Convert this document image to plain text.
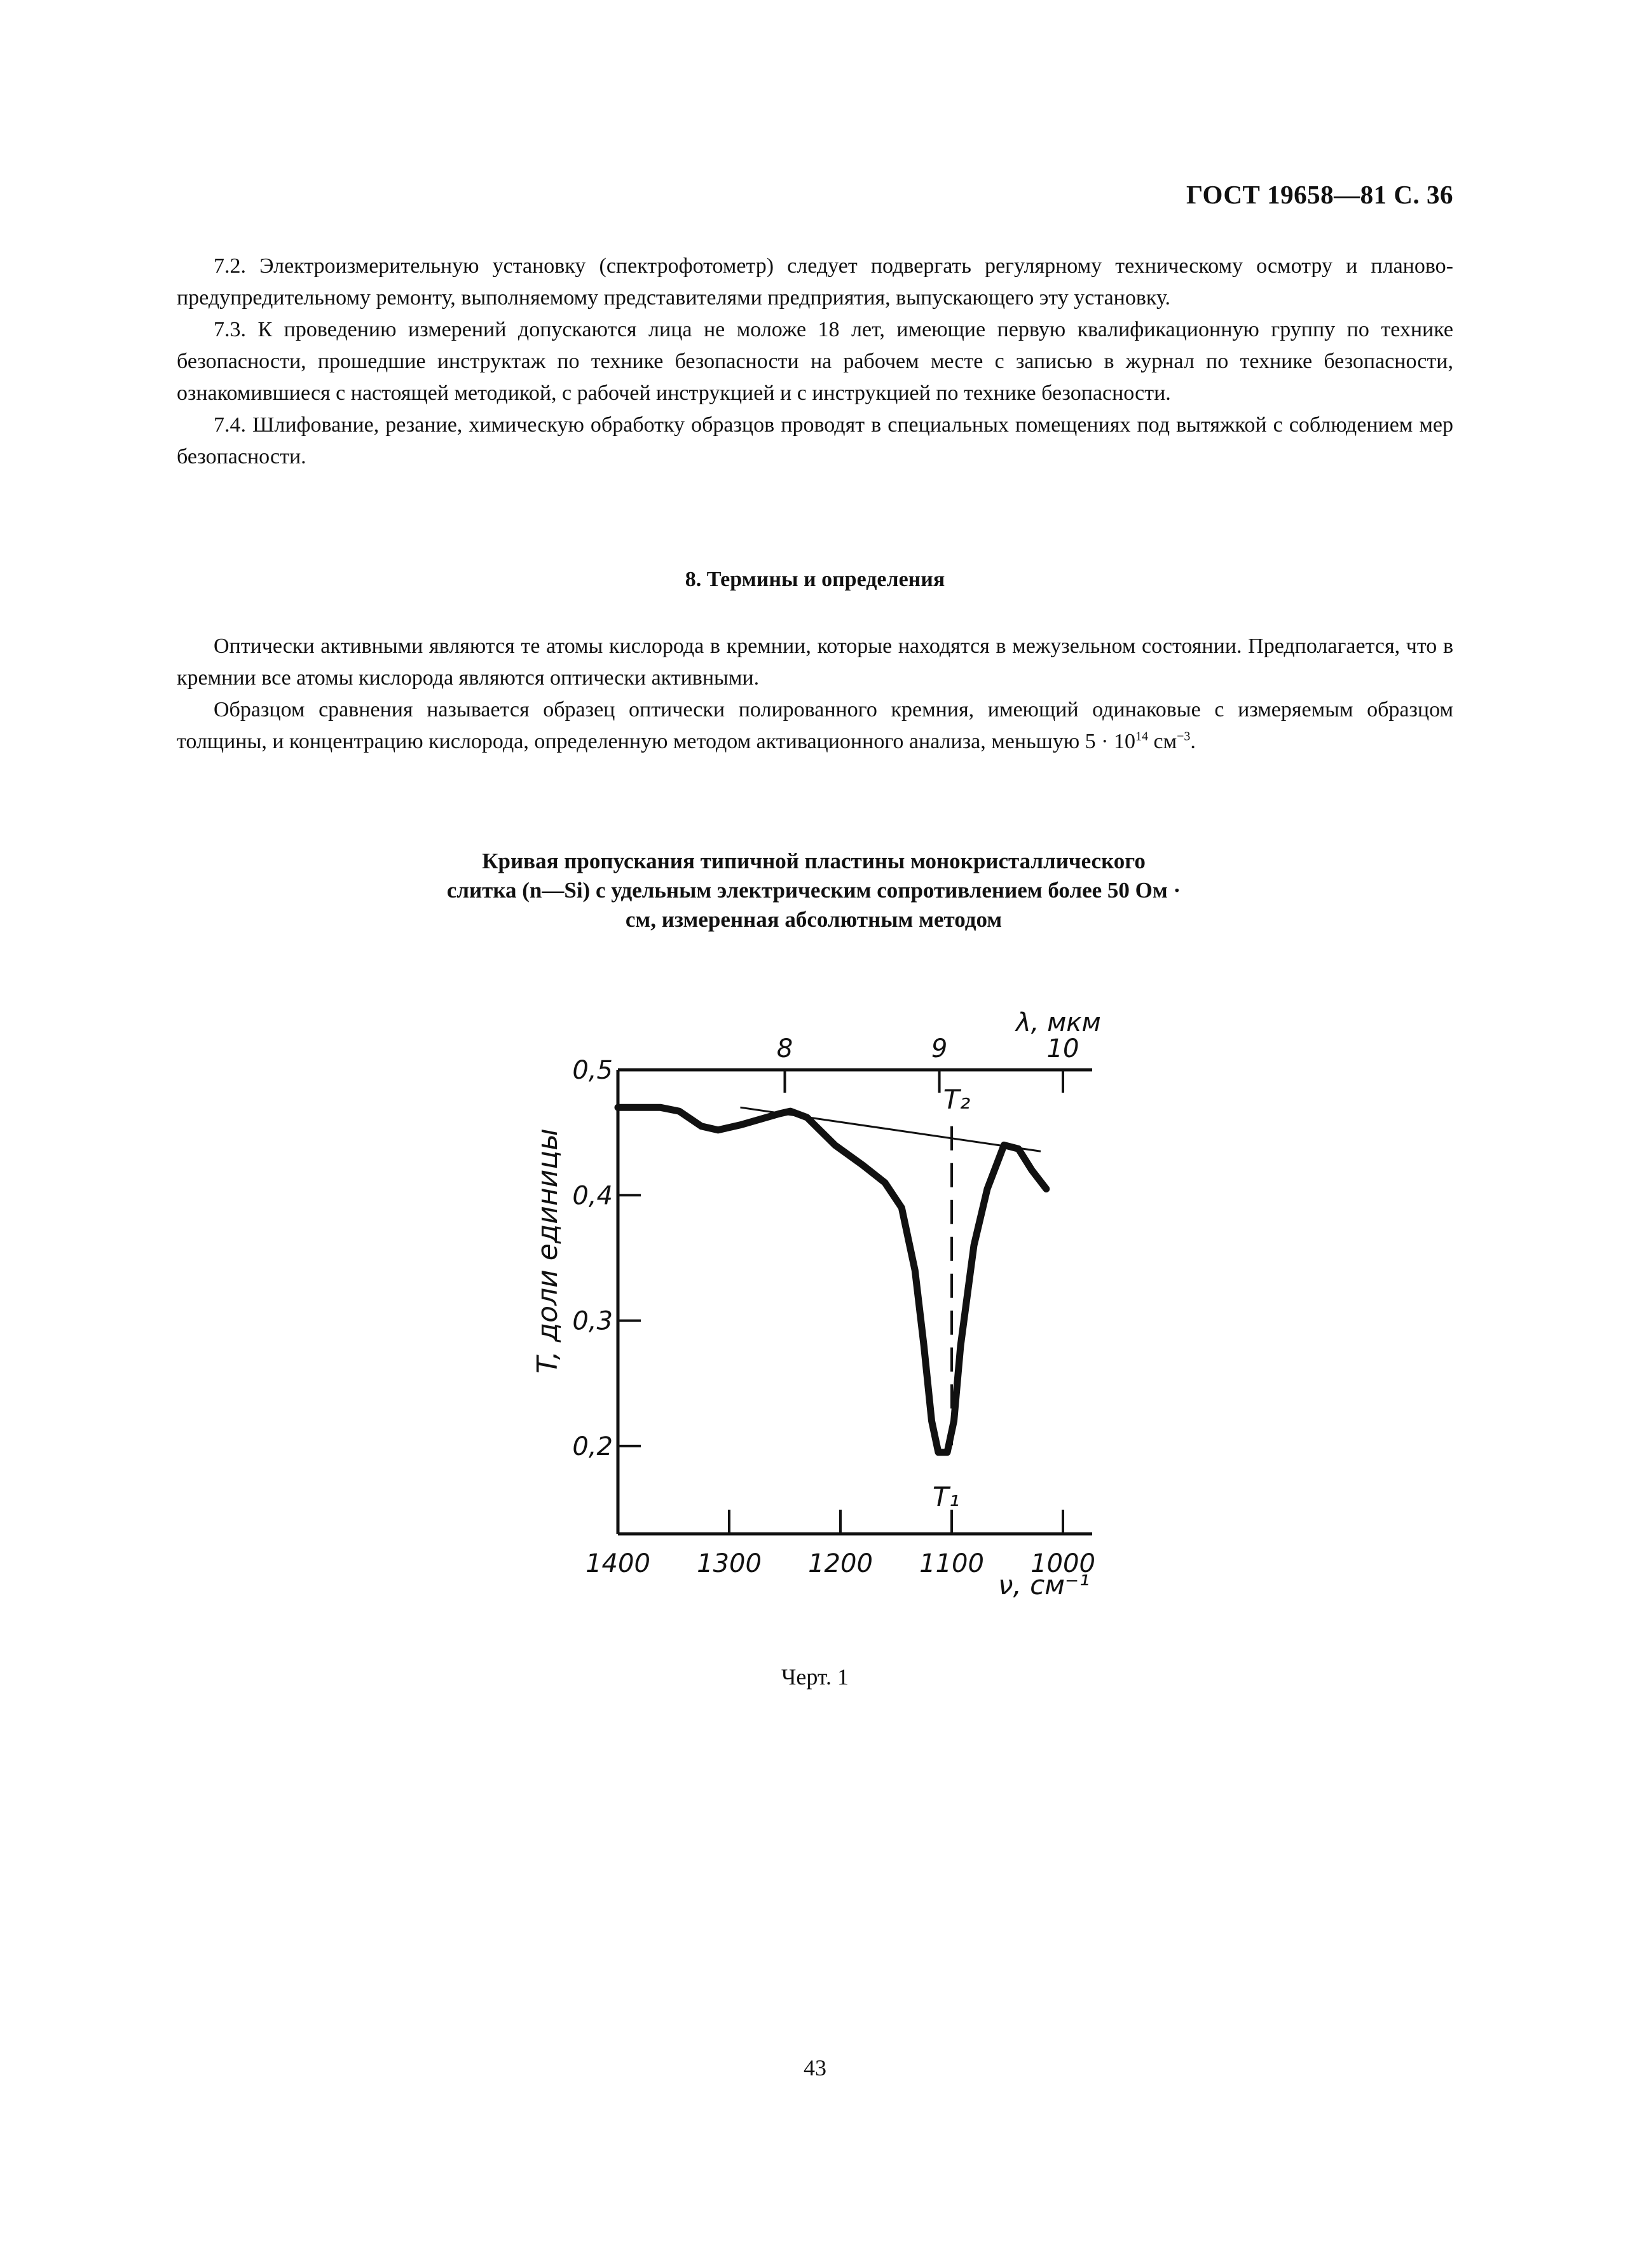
ГОСТ 19658—81 С. 36

7.2. Электроизмерительную установку (спектрофотометр) следует подвергать регулярному техническому осмотру и планово-предупредительному ремонту, выполняемому представителями предприятия, выпускающего эту установку.

7.3. К проведению измерений допускаются лица не моложе 18 лет, имеющие первую квалификационную группу по технике безопасности, прошедшие инструктаж по технике безопасности на рабочем месте с записью в журнал по технике безопасности, ознакомившиеся с настоящей методикой, с рабочей инструкцией и с инструкцией по технике безопасности.

7.4. Шлифование, резание, химическую обработку образцов проводят в специальных помещениях под вытяжкой с соблюдением мер безопасности.

8. Термины и определения

Оптически активными являются те атомы кислорода в кремнии, которые находятся в межузельном состоянии. Предполагается, что в кремнии все атомы кислорода являются оптически активными.

Образцом сравнения называется образец оптически полированного кремния, имеющий одинаковые с измеряемым образцом толщины, и концентрацию кислорода, определенную методом активационного анализа, меньшую $5 \cdot 10^{14}$ $см^{-3}$.

Кривая пропускания типичной пластины монокристаллического слитка (n—Si) с удельным электрическим сопротивлением более 50 Ом · см, измеренная абсолютным методом
1400 1300 1200 1100 1000
0,5
0,4
0,3
0,2
8	9	10
T, доли единицы
ν, см⁻¹
λ, мкм
T₂
T₁
Черт. 1
43
